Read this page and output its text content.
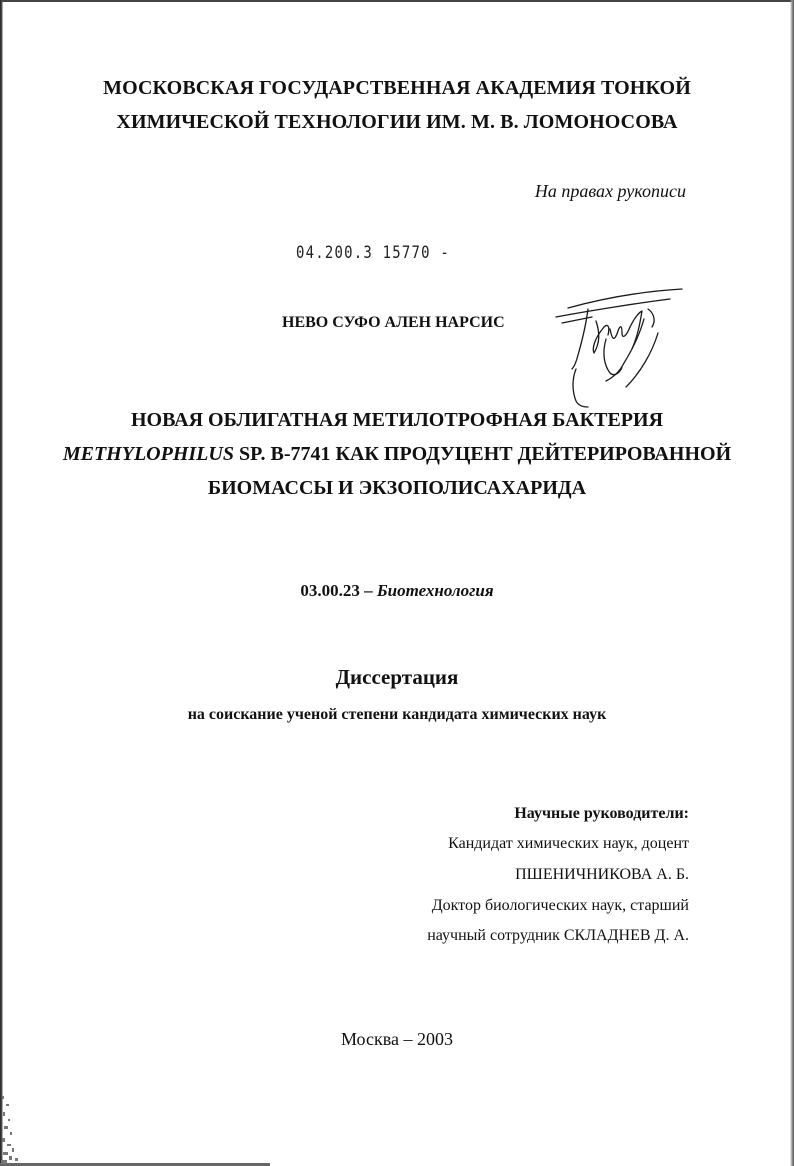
МОСКОВСКАЯ ГОСУДАРСТВЕННАЯ АКАДЕМИЯ ТОНКОЙ
ХИМИЧЕСКОЙ ТЕХНОЛОГИИ ИМ. М. В. ЛОМОНОСОВА
На правах рукописи
04.200.3 15770 -
НЕВО СУФО АЛЕН НАРСИС
НОВАЯ ОБЛИГАТНАЯ МЕТИЛОТРОФНАЯ БАКТЕРИЯ
METHYLOPHILUS SP. B-7741 КАК ПРОДУЦЕНТ ДЕЙТЕРИРОВАННОЙ
БИОМАССЫ И ЭКЗОПОЛИСАХАРИДА
03.00.23 – Биотехнология
Диссертация
на соискание ученой степени кандидата химических наук
Научные руководители:
Кандидат химических наук, доцент
ПШЕНИЧНИКОВА А. Б.
Доктор биологических наук, старший
научный сотрудник СКЛАДНЕВ Д. А.
Москва – 2003
